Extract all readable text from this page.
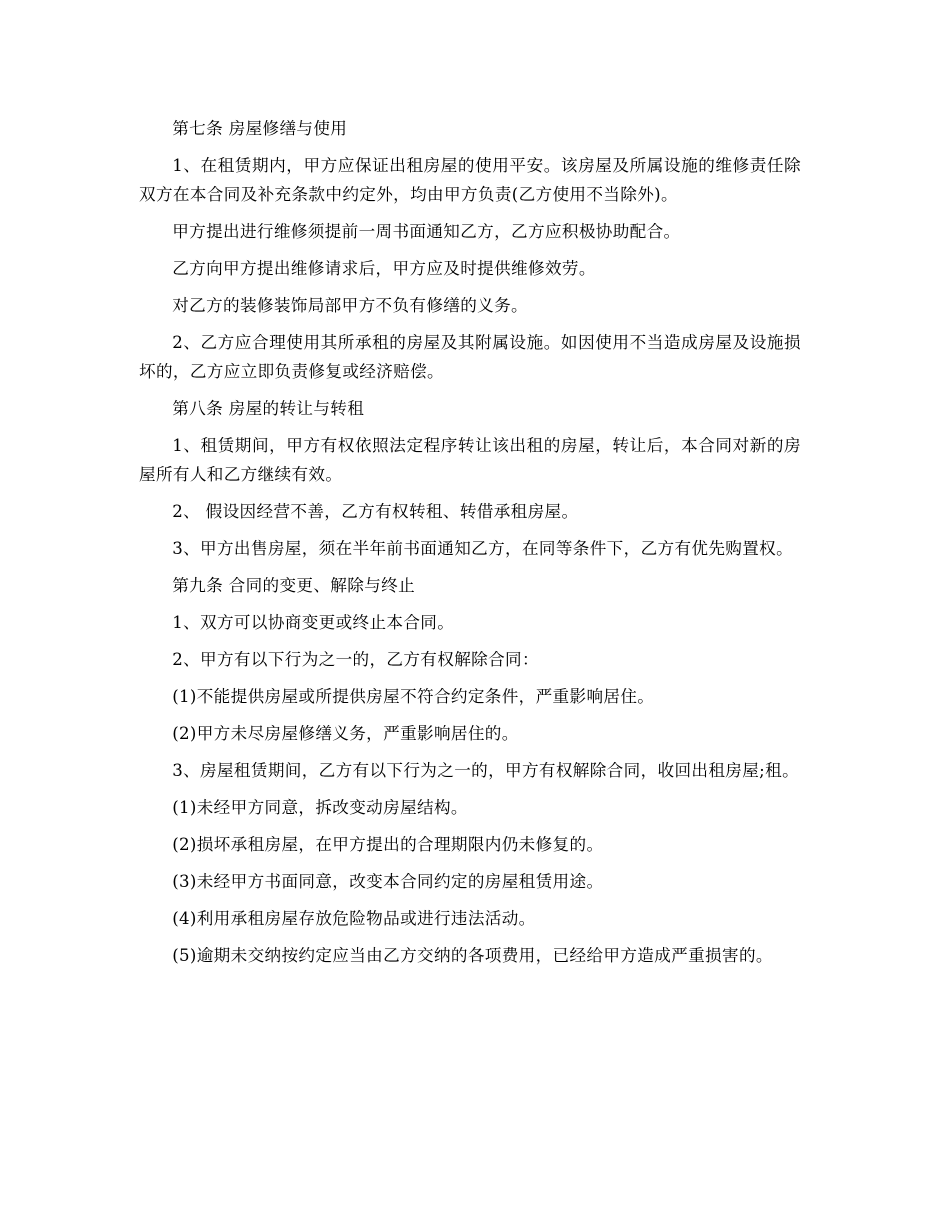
第七条 房屋修缮与使用

1、在租赁期内，甲方应保证出租房屋的使用平安。该房屋及所属设施的维修责任除双方在本合同及补充条款中约定外，均由甲方负责(乙方使用不当除外)。

甲方提出进行维修须提前一周书面通知乙方，乙方应积极协助配合。

乙方向甲方提出维修请求后，甲方应及时提供维修效劳。

对乙方的装修装饰局部甲方不负有修缮的义务。

2、乙方应合理使用其所承租的房屋及其附属设施。如因使用不当造成房屋及设施损坏的，乙方应立即负责修复或经济赔偿。

第八条 房屋的转让与转租

1、租赁期间，甲方有权依照法定程序转让该出租的房屋，转让后，本合同对新的房屋所有人和乙方继续有效。

2、 假设因经营不善，乙方有权转租、转借承租房屋。

3、甲方出售房屋，须在半年前书面通知乙方，在同等条件下，乙方有优先购置权。

第九条 合同的变更、解除与终止

1、双方可以协商变更或终止本合同。

2、甲方有以下行为之一的，乙方有权解除合同：

(1)不能提供房屋或所提供房屋不符合约定条件，严重影响居住。

(2)甲方未尽房屋修缮义务，严重影响居住的。

3、房屋租赁期间，乙方有以下行为之一的，甲方有权解除合同，收回出租房屋;租。

(1)未经甲方同意，拆改变动房屋结构。

(2)损坏承租房屋，在甲方提出的合理期限内仍未修复的。

(3)未经甲方书面同意，改变本合同约定的房屋租赁用途。

(4)利用承租房屋存放危险物品或进行违法活动。

(5)逾期未交纳按约定应当由乙方交纳的各项费用，已经给甲方造成严重损害的。
